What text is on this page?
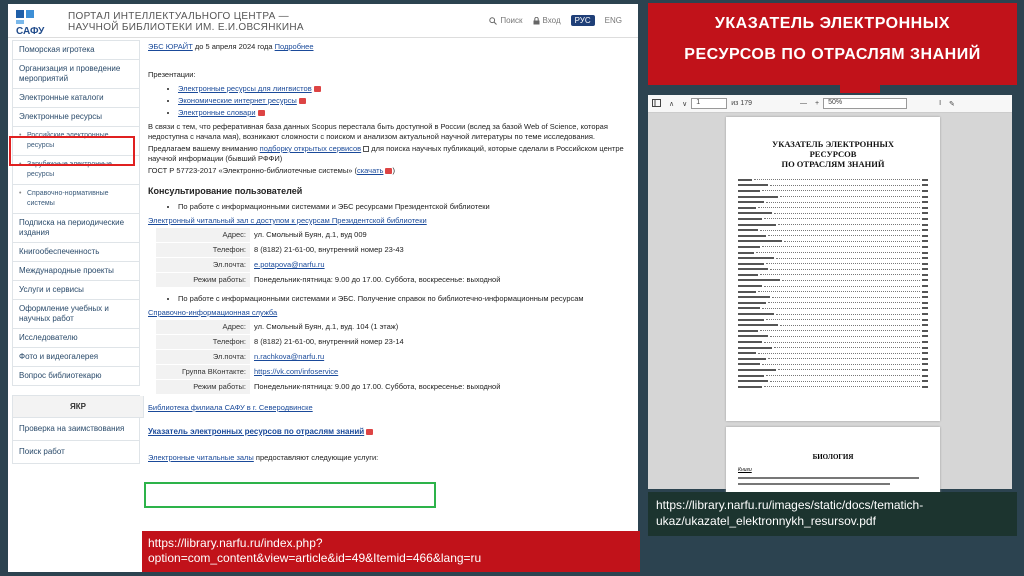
САФУ
ПОРТАЛ ИНТЕЛЛЕКТУАЛЬНОГО ЦЕНТРА —
НАУЧНОЙ БИБЛИОТЕКИ ИМ. Е.И.ОВСЯНКИНА
Поиск	Вход	РУС	ENG
Поморская игротека
Организация и проведение мероприятий
Электронные каталоги
Электронные ресурсы
• Российские электронные ресурсы
• Зарубежные электронные ресурсы
• Справочно-нормативные системы
Подписка на периодические издания
Книгообеспеченность
Международные проекты
Услуги и сервисы
Оформление учебных и научных работ
Исследователю
Фото и видеогалерея
Вопрос библиотекарю
ЯКР
Проверка на заимствования
Поиск работ
ЭБС ЮРАЙТ до 5 апреля 2024 года Подробнее
Презентации:
• Электронные ресурсы для лингвистов
• Экономические интернет ресурсы
• Электронные словари
В связи с тем, что реферативная база данных Scopus перестала быть доступной в России (вслед за базой Web of Science, которая недоступна с начала мая), возникают сложности с поиском и анализом актуальной научной литературы по теме исследования.
Предлагаем вашему вниманию подборку открытых сервисов для поиска научных публикаций, которые сделали в Российском центре научной информации (бывший РФФИ)
ГОСТ Р 57723-2017 «Электронно-библиотечные системы» (скачать )
Консультирование пользователей
• По работе с информационными системами и ЭБС ресурсами Президентской библиотеки
Электронный читальный зал с доступом к ресурсам Президентской библиотеки
Адрес:	ул. Смольный Буян, д.1, вуд 009
Телефон:	8 (8182) 21-61-00, внутренний номер 23-43
Эл.почта:	e.potapova@narfu.ru
Режим работы:	Понедельник-пятница: 9.00 до 17.00. Суббота, воскресенье: выходной
• По работе с информационными системами и ЭБС. Получение справок по библиотечно-информационным ресурсам
Справочно-информационная служба
Адрес:	ул. Смольный Буян, д.1, вуд. 104 (1 этаж)
Телефон:	8 (8182) 21-61-00, внутренний номер 23-14
Эл.почта:	n.rachkova@narfu.ru
Группа ВКонтакте:	https://vk.com/infoservice
Режим работы:	Понедельник-пятница: 9.00 до 17.00. Суббота, воскресенье: выходной
Библиотека филиала САФУ в г. Северодвинске
Указатель электронных ресурсов по отраслям знаний
Электронные читальные залы предоставляют следующие услуги:
https://library.narfu.ru/index.php?option=com_content&view=article&id=49&Itemid=466&lang=ru
УКАЗАТЕЛЬ ЭЛЕКТРОННЫХ
РЕСУРСОВ ПО ОТРАСЛЯМ ЗНАНИЙ
∧	∨	1	из 179	—	+	50%	I	✎
УКАЗАТЕЛЬ ЭЛЕКТРОННЫХ
РЕСУРСОВ
ПО ОТРАСЛЯМ ЗНАНИЙ
БИОЛОГИЯ
Книги
https://library.narfu.ru/images/static/docs/tematich-ukaz/ukazatel_elektronnykh_resursov.pdf
